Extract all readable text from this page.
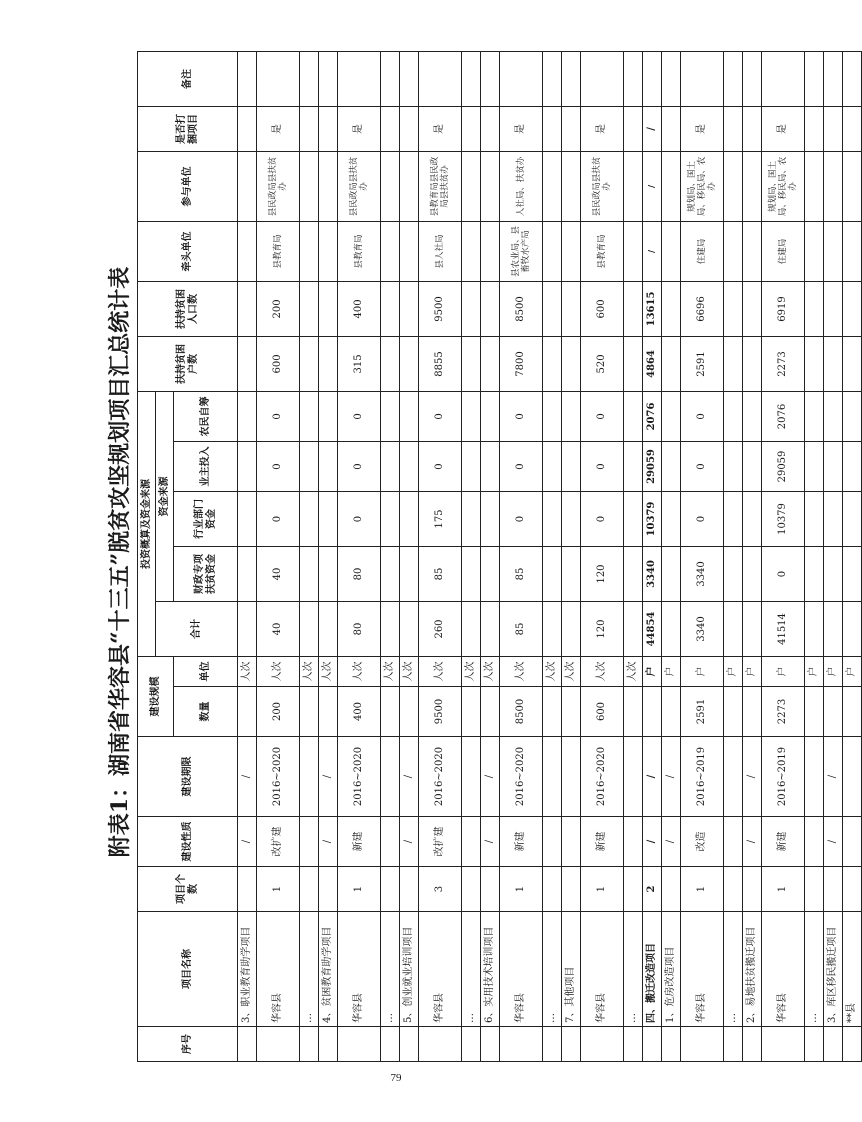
附表1：湖南省华容县“十三五”脱贫攻坚规划项目汇总统计表
序号	项目名称	项目个数	建设性质	建设期限	建设规模		投资概算及资金来源					扶持贫困户数	扶持贫困人口数	牵头单位	参与单位	是否打捆项目	备注
							合计	资金来源									
					数量	单位		财政专项扶贫资金	行业部门资金	业主投入	农民自筹						
	3、职业教育助学项目		/	/		人次											
	华容县	1	改扩建	2016~2020	200	人次	40	40	0	0	0	600	200	县教育局	县民政局县扶贫办	是	
	…					人次											
	4、贫困教育助学项目		/	/		人次											
	华容县	1	新建	2016~2020	400	人次	80	80	0	0	0	315	400	县教育局	县民政局县扶贫办	是	
	…					人次											
	5、创业就业培训项目		/	/		人次											
	华容县	3	改扩建	2016~2020	9500	人次	260	85	175	0	0	8855	9500	县人社局	县教育局县民政局县扶贫办	是	
	…					人次											
	6、实用技术培训项目		/	/		人次											
	华容县	1	新建	2016~2020	8500	人次	85	85	0	0	0	7800	8500	县农业局、县畜牧水产局	人社局、扶贫办	是	
	…					人次											
	7、其他项目					人次											
	华容县	1	新建	2016~2020	600	人次	120	120	0	0	0	520	600	县教育局	县民政局县扶贫办	是	
	…					人次											
	四、搬迁改造项目	2	/	/		户	44854	3340	10379	29059	2076	4864	13615	/	/	/	
	1、危房改造项目		/	/		户											
	华容县	1	改造	2016~2019	2591	户	3340	3340	0	0	0	2591	6696	住建局	规划局、国土局、移民局、农办	是	
	…					户											
	2、易地扶贫搬迁项目		/	/		户											
	华容县	1	新建	2016~2019	2273	户	41514	0	10379	29059	2076	2273	6919	住建局	规划局、国土局、移民局、农办	是	
	…					户											
	3、库区移民搬迁项目		/	/		户											
	**县					户											
79
